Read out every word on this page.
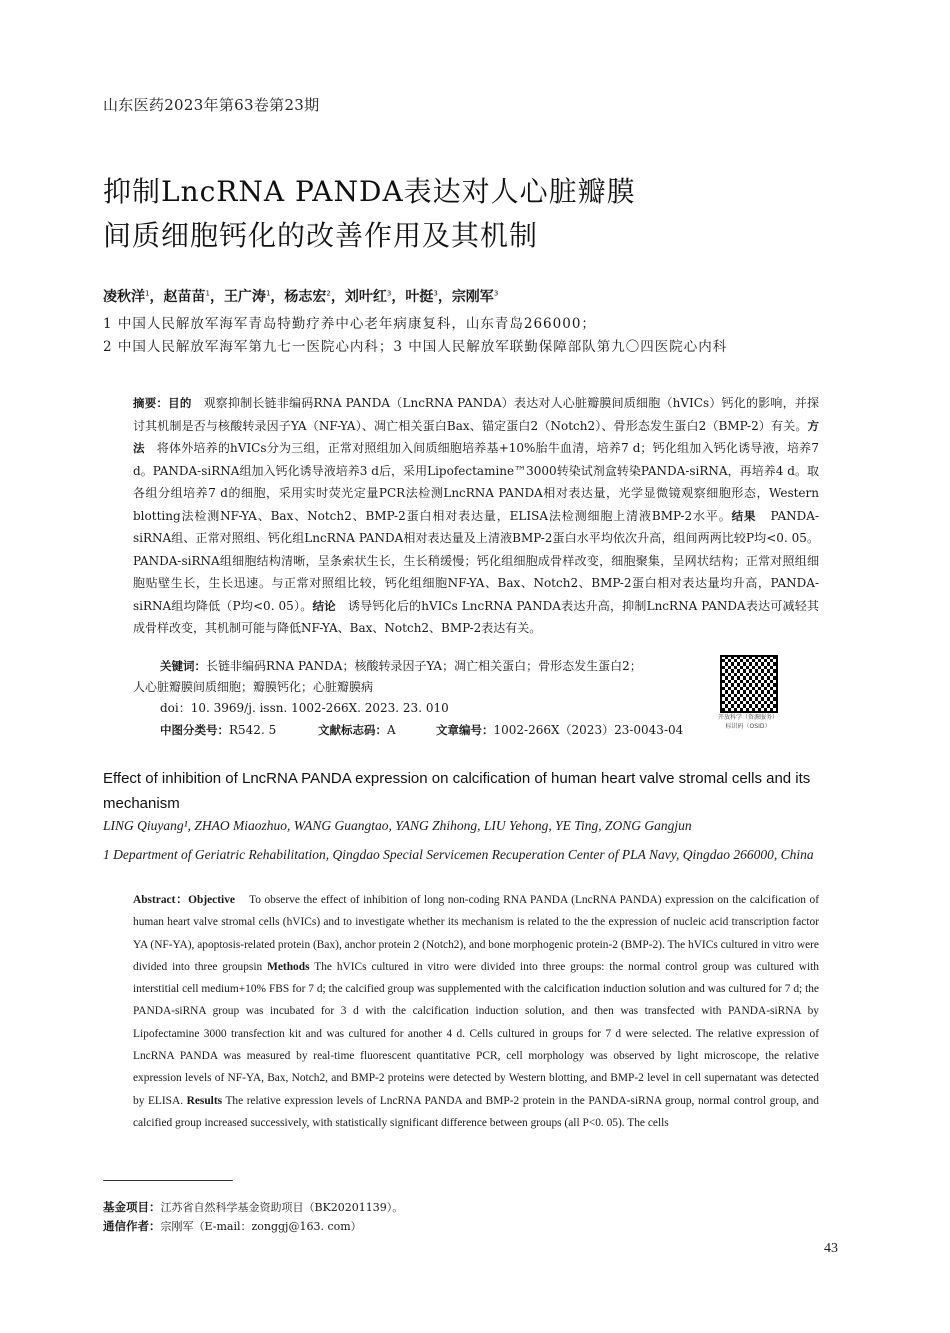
山东医药2023年第63卷第23期
抑制LncRNA PANDA表达对人心脏瓣膜
间质细胞钙化的改善作用及其机制
凌秋洋$^1$，赵苗苗$^1$，王广涛$^1$，杨志宏$^2$，刘叶红$^3$，叶挺$^3$，宗刚军$^3$
1 中国人民解放军海军青岛特勤疗养中心老年病康复科，山东青岛266000；
2 中国人民解放军海军第九七一医院心内科；3 中国人民解放军联勤保障部队第九〇四医院心内科
摘要：目的 观察抑制长链非编码RNA PANDA（LncRNA PANDA）表达对人心脏瓣膜间质细胞（hVICs）钙化的影响，并探讨其机制是否与核酸转录因子YA（NF-YA）、凋亡相关蛋白Bax、锚定蛋白2（Notch2）、骨形态发生蛋白2（BMP-2）有关。方法 将体外培养的hVICs分为三组，正常对照组加入间质细胞培养基+10%胎牛血清，培养7 d；钙化组加入钙化诱导液，培养7 d。PANDA-siRNA组加入钙化诱导液培养3 d后，采用Lipofectamine™3000转染试剂盒转染PANDA-siRNA，再培养4 d。取各组分组培养7 d的细胞，采用实时荧光定量PCR法检测LncRNA PANDA相对表达量，光学显微镜观察细胞形态，Western blotting法检测NF-YA、Bax、Notch2、BMP-2蛋白相对表达量，ELISA法检测细胞上清液BMP-2水平。结果 PANDA-siRNA组、正常对照组、钙化组LncRNA PANDA相对表达量及上清液BMP-2蛋白水平均依次升高，组间两两比较P均<0. 05。PANDA-siRNA组细胞结构清晰，呈条索状生长，生长稍缓慢；钙化组细胞成骨样改变，细胞聚集，呈网状结构；正常对照组细胞贴壁生长，生长迅速。与正常对照组比较，钙化组细胞NF-YA、Bax、Notch2、BMP-2蛋白相对表达量均升高，PANDA-siRNA组均降低（P均<0. 05）。结论 诱导钙化后的hVICs LncRNA PANDA表达升高，抑制LncRNA PANDA表达可减轻其成骨样改变，其机制可能与降低NF-YA、Bax、Notch2、BMP-2表达有关。
关键词：长链非编码RNA PANDA；核酸转录因子YA；凋亡相关蛋白；骨形态发生蛋白2；
人心脏瓣膜间质细胞；瓣膜钙化；心脏瓣膜病
doi：10. 3969/j. issn. 1002-266X. 2023. 23. 010
中图分类号：R542. 5	文献标志码：A	文章编号：1002-266X（2023）23-0043-04
开放科学（资源服务）
标识码（OSID）
Effect of inhibition of LncRNA PANDA expression on calcification of human heart valve stromal cells and its mechanism
LING Qiuyang¹, ZHAO Miaozhuo, WANG Guangtao, YANG Zhihong, LIU Yehong, YE Ting, ZONG Gangjun
1 Department of Geriatric Rehabilitation, Qingdao Special Servicemen Recuperation Center of PLA Navy, Qingdao 266000, China
Abstract：Objective To observe the effect of inhibition of long non-coding RNA PANDA (LncRNA PANDA) expression on the calcification of human heart valve stromal cells (hVICs) and to investigate whether its mechanism is related to the the expression of nucleic acid transcription factor YA (NF-YA), apoptosis-related protein (Bax), anchor protein 2 (Notch2), and bone morphogenic protein-2 (BMP-2). The hVICs cultured in vitro were divided into three groupsin Methods The hVICs cultured in vitro were divided into three groups: the normal control group was cultured with interstitial cell medium+10% FBS for 7 d; the calcified group was supplemented with the calcification induction solution and was cultured for 7 d; the PANDA-siRNA group was incubated for 3 d with the calcification induction solution, and then was transfected with PANDA-siRNA by Lipofectamine 3000 transfection kit and was cultured for another 4 d. Cells cultured in groups for 7 d were selected. The relative expression of LncRNA PANDA was measured by real-time fluorescent quantitative PCR, cell morphology was observed by light microscope, the relative expression levels of NF-YA, Bax, Notch2, and BMP-2 proteins were detected by Western blotting, and BMP-2 level in cell supernatant was detected by ELISA. Results The relative expression levels of LncRNA PANDA and BMP-2 protein in the PANDA-siRNA group, normal control group, and calcified group increased successively, with statistically significant difference between groups (all P<0. 05). The cells
基金项目：江苏省自然科学基金资助项目（BK20201139）。
通信作者：宗刚军（E-mail：zonggj@163. com）
43
